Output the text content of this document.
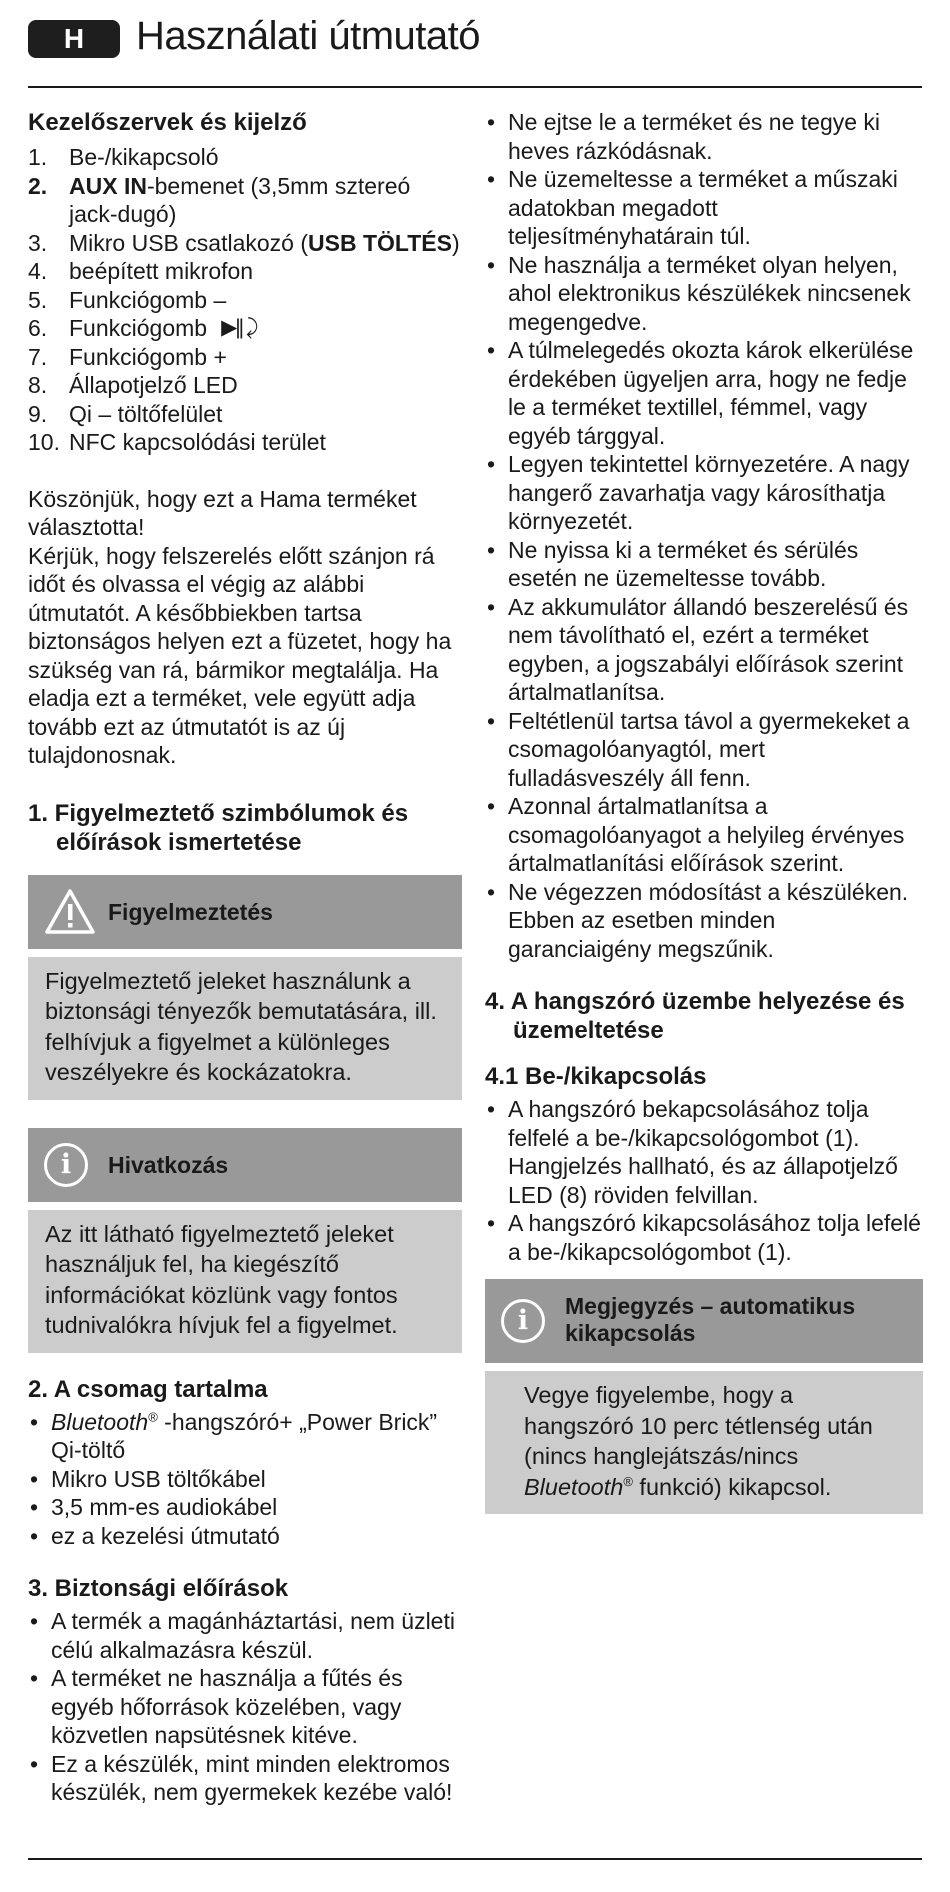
H	Használati útmutató
Kezelőszervek és kijelző
1. Be-/kikapcsoló
2. AUX IN-bemenet (3,5mm sztereó jack-dugó)
3. Mikro USB csatlakozó (USB TÖLTÉS)
4. beépített mikrofon
5. Funkciógomb –
6. Funkciógomb ▶|| ⤸
7. Funkciógomb +
8. Állapotjelző LED
9. Qi – töltőfelület
10. NFC kapcsolódási terület
Köszönjük, hogy ezt a Hama terméket választotta!
Kérjük, hogy felszerelés előtt szánjon rá időt és olvassa el végig az alábbi útmutatót. A későbbiekben tartsa biztonságos helyen ezt a füzetet, hogy ha szükség van rá, bármikor megtalálja. Ha eladja ezt a terméket, vele együtt adja tovább ezt az útmutatót is az új tulajdonosnak.
1. Figyelmeztető szimbólumok és előírások ismertetése
Figyelmeztetés
Figyelmeztető jeleket használunk a biztonsági tényezők bemutatására, ill. felhívjuk a figyelmet a különleges veszélyekre és kockázatokra.
i	Hivatkozás
Az itt látható figyelmeztető jeleket használjuk fel, ha kiegészítő információkat közlünk vagy fontos tudnivalókra hívjuk fel a figyelmet.
2. A csomag tartalma
• Bluetooth® -hangszóró+ „Power Brick” Qi-töltő
• Mikro USB töltőkábel
• 3,5 mm-es audiokábel
• ez a kezelési útmutató
3. Biztonsági előírások
• A termék a magánháztartási, nem üzleti célú alkalmazásra készül.
• A terméket ne használja a fűtés és egyéb hőforrások közelében, vagy közvetlen napsütésnek kitéve.
• Ez a készülék, mint minden elektromos készülék, nem gyermekek kezébe való!
• Ne ejtse le a terméket és ne tegye ki heves rázkódásnak.
• Ne üzemeltesse a terméket a műszaki adatokban megadott teljesítményhatárain túl.
• Ne használja a terméket olyan helyen, ahol elektronikus készülékek nincsenek megengedve.
• A túlmelegedés okozta károk elkerülése érdekében ügyeljen arra, hogy ne fedje le a terméket textillel, fémmel, vagy egyéb tárggyal.
• Legyen tekintettel környezetére. A nagy hangerő zavarhatja vagy károsíthatja környezetét.
• Ne nyissa ki a terméket és sérülés esetén ne üzemeltesse tovább.
• Az akkumulátor állandó beszerelésű és nem távolítható el, ezért a terméket egyben, a jogszabályi előírások szerint ártalmatlanítsa.
• Feltétlenül tartsa távol a gyermekeket a csomagolóanyagtól, mert fulladásveszély áll fenn.
• Azonnal ártalmatlanítsa a csomagolóanyagot a helyileg érvényes ártalmatlanítási előírások szerint.
• Ne végezzen módosítást a készüléken. Ebben az esetben minden garanciaigény megszűnik.
4. A hangszóró üzembe helyezése és üzemeltetése
4.1 Be-/kikapcsolás
• A hangszóró bekapcsolásához tolja felfelé a be-/kikapcsológombot (1). Hangjelzés hallható, és az állapotjelző LED (8) röviden felvillan.
• A hangszóró kikapcsolásához tolja lefelé a be-/kikapcsológombot (1).
i	Megjegyzés – automatikus kikapcsolás
Vegye figyelembe, hogy a hangszóró 10 perc tétlenség után (nincs hanglejátszás/nincs Bluetooth® funkció) kikapcsol.
